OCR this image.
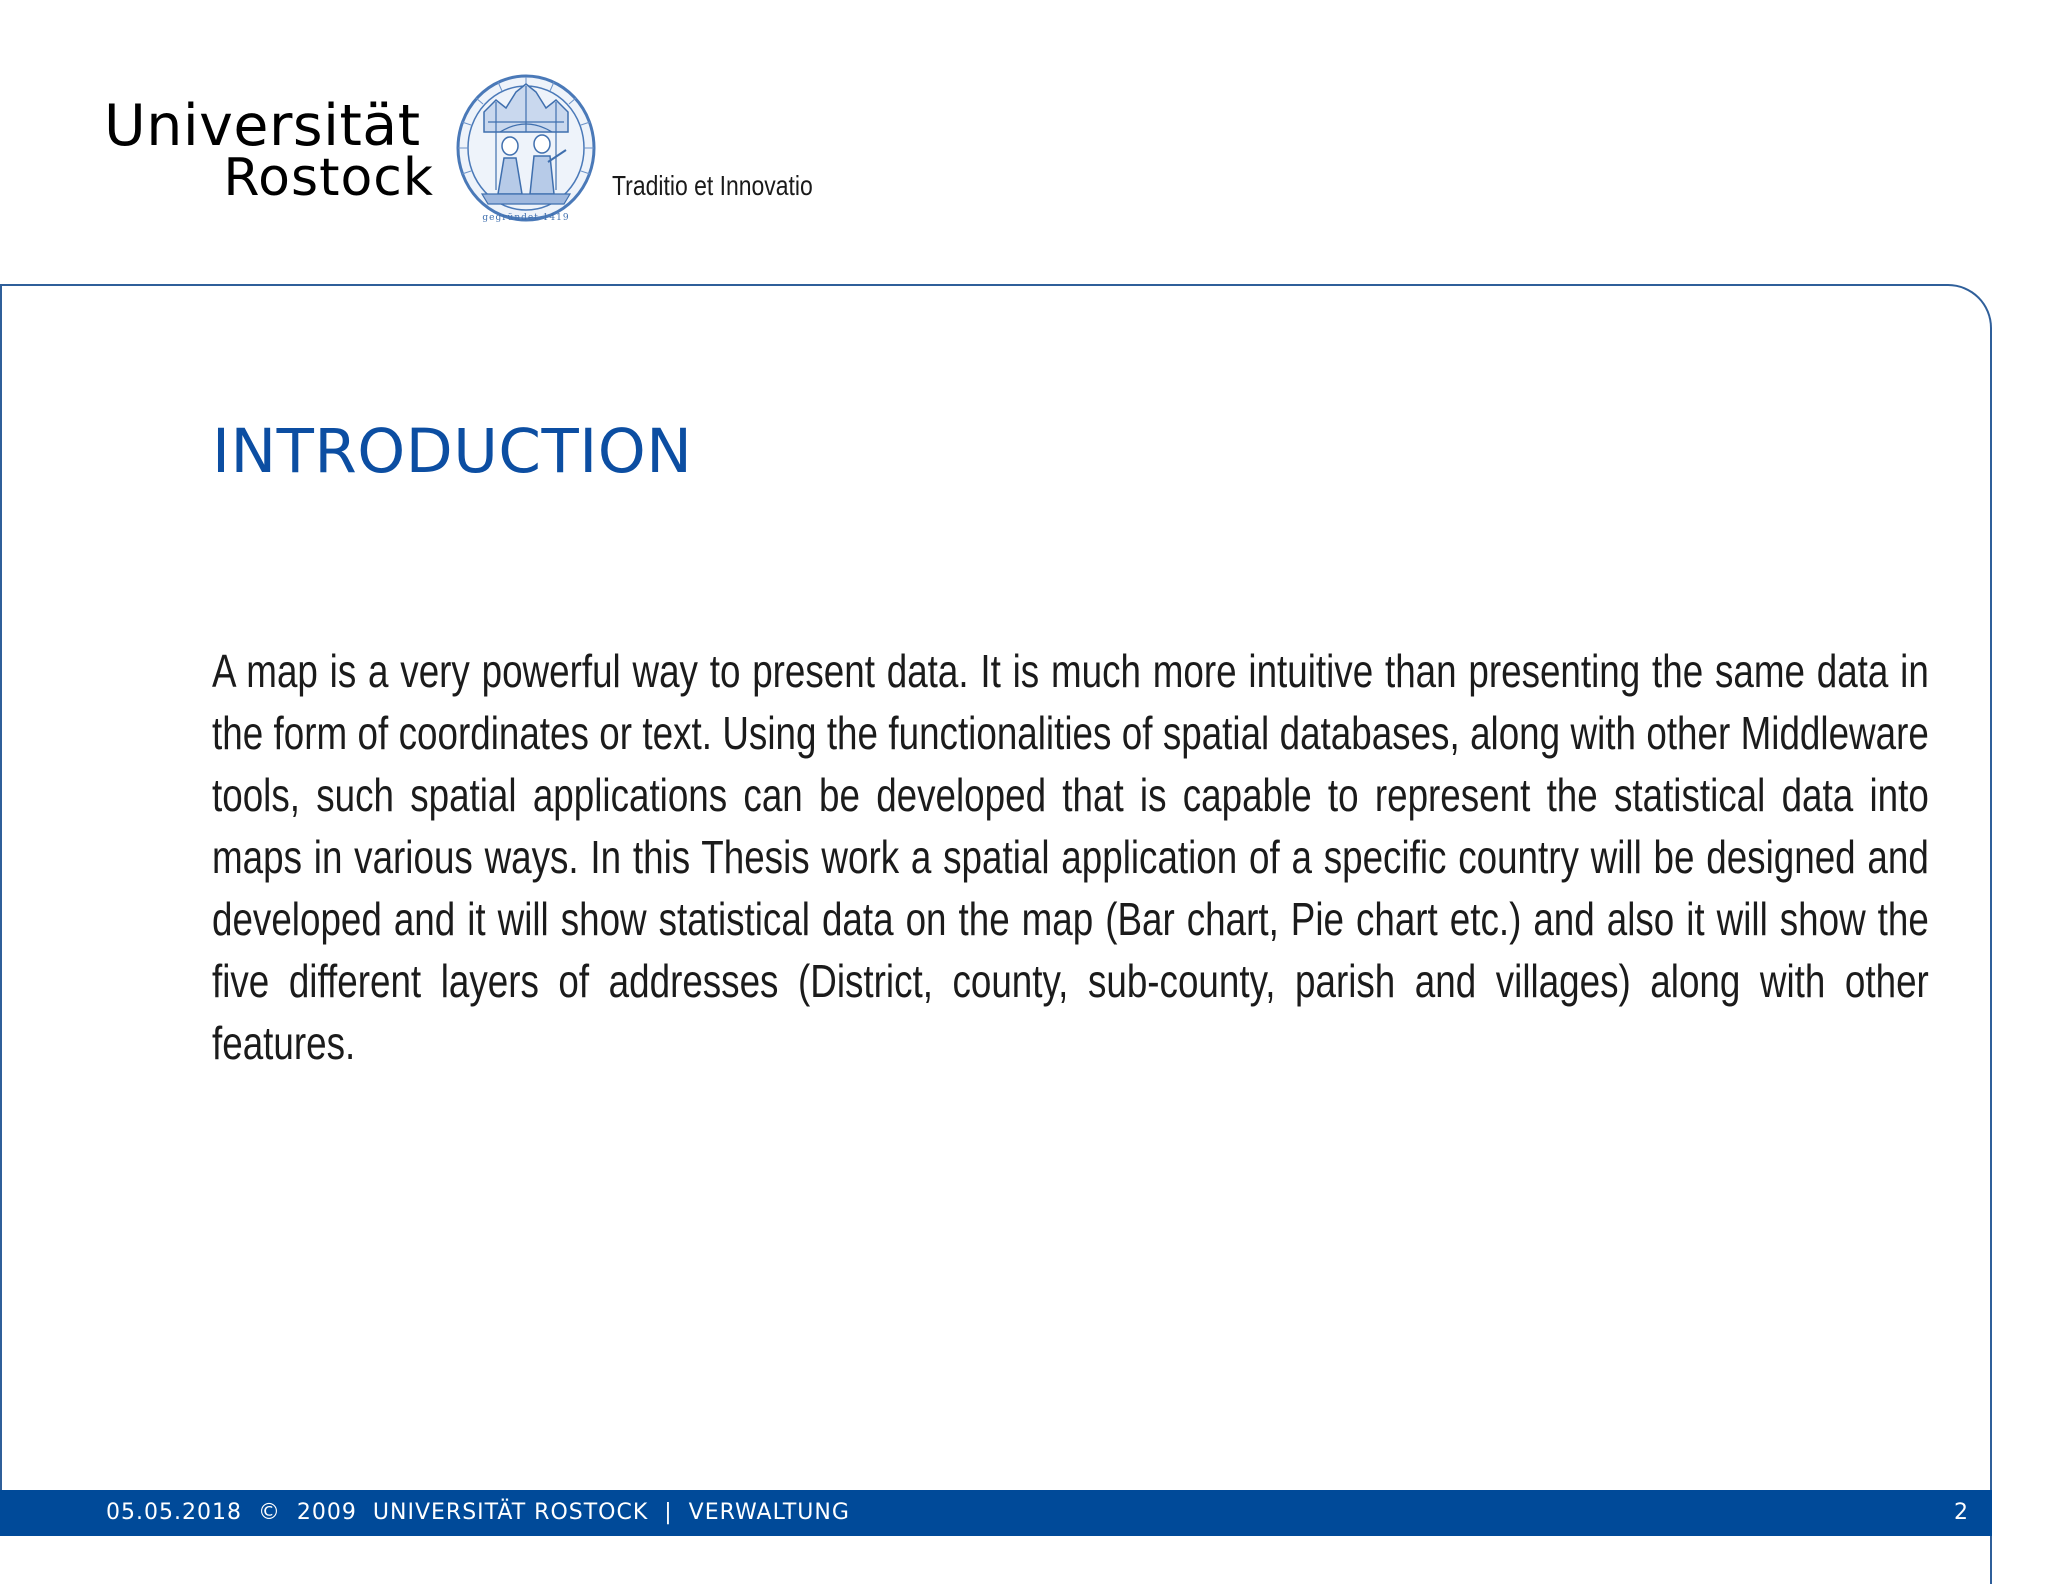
Universität
Rostock
gegründet 1419
Traditio et Innovatio
INTRODUCTION

A map is a very powerful way to present data. It is much more intuitive than presenting the same data in the form of coordinates or text. Using the functionalities of spatial databases, along with other Middleware tools, such spatial applications can be developed that is capable to represent the statistical data into maps in various ways. In this Thesis work a spatial application of a specific country will be designed and developed and it will show statistical data on the map (Bar chart, Pie chart etc.) and also it will show the five different layers of addresses (District, county, sub-county, parish and villages) along with other features.

05.05.2018  ©  2009  UNIVERSITÄT ROSTOCK  |  VERWALTUNG	2
